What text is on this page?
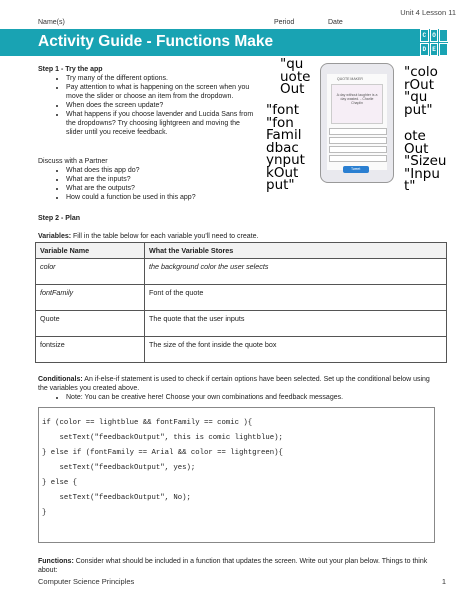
Unit 4 Lesson 11
Name(s)	Period	Date
Activity Guide - Functions Make	C	O
D	E
Step 1 - Try the app
• Try many of the different options.
• Pay attention to what is happening on the screen when you move the slider or choose an item from the dropdown.
• When does the screen update?
• What happens if you choose lavender and Lucida Sans from the dropdowns? Try choosing lightgreen and moving the slider until you receive feedback.
Discuss with a Partner
• What does this app do?
• What are the inputs?
• What are the outputs?
• How could a function be used in this app?
QUOTE MAKER
A day without laughter is a day wasted. - Charlie Chaplin
Tweet
"qu
uote
Out
"colo
rOut
"qu
put"
"font
"fon
Famil
dbac
ynput
kOut
put"
ote
Out
"Sizeu
"Inpu
t"
Step 2 - Plan
Variables: Fill in the table below for each variable you'll need to create.
Variable Name	What the Variable Stores
color	the background color the user selects
fontFamily	Font of the quote
Quote	The quote that the user inputs
fontsize	The size of the font inside the quote box
Conditionals: An if-else-if statement is used to check if certain options have been selected. Set up the conditional below using the variables you created above.
• Note: You can be creative here! Choose your own combinations and feedback messages.
if (color == lightblue && fontFamily == comic ){
setText("feedbackOutput", this is comic lightblue);
} else if (fontFamily == Arial && color == lightgreen){
setText("feedbackOutput", yes);
} else {
setText("feedbackOutput", No);
}
Functions: Consider what should be included in a function that updates the screen. Write out your plan below. Things to think about:
Computer Science Principles	1
